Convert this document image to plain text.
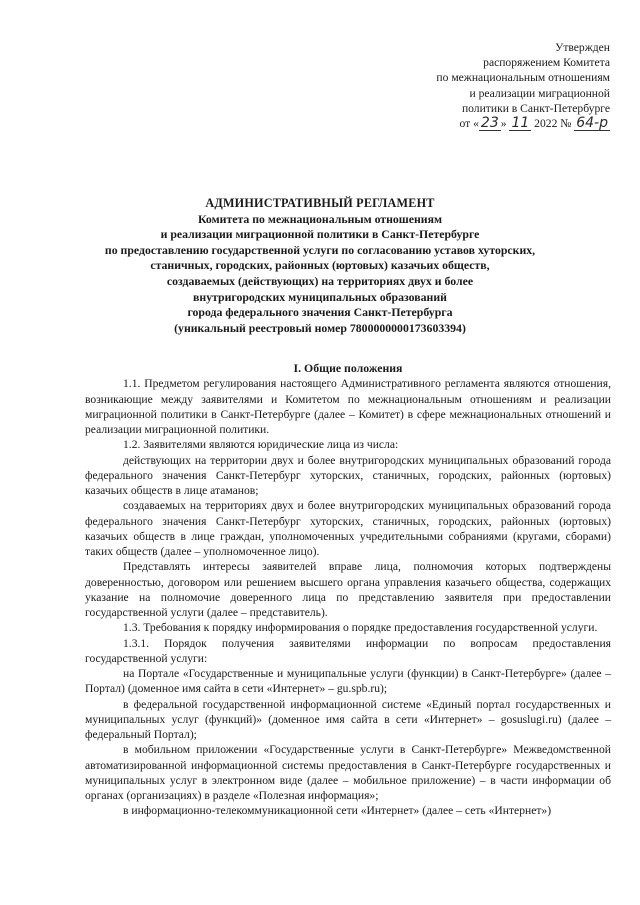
Утвержден
распоряжением Комитета
по межнациональным отношениям
и реализации миграционной
политики в Санкт-Петербурге
от « 23 » 11 2022 № 64-р
АДМИНИСТРАТИВНЫЙ РЕГЛАМЕНТ
Комитета по межнациональным отношениям
и реализации миграционной политики в Санкт-Петербурге
по предоставлению государственной услуги по согласованию уставов хуторских,
станичных, городских, районных (юртовых) казачьих обществ,
создаваемых (действующих) на территориях двух и более
внутригородских муниципальных образований
города федерального значения Санкт-Петербурга
(уникальный реестровый номер 7800000000173603394)

I. Общие положения

1.1. Предметом регулирования настоящего Административного регламента являются отношения, возникающие между заявителями и Комитетом по межнациональным отношениям и реализации миграционной политики в Санкт-Петербурге (далее – Комитет) в сфере межнациональных отношений и реализации миграционной политики.

1.2. Заявителями являются юридические лица из числа:

действующих на территории двух и более внутригородских муниципальных образований города федерального значения Санкт-Петербург хуторских, станичных, городских, районных (юртовых) казачьих обществ в лице атаманов;

создаваемых на территориях двух и более внутригородских муниципальных образований города федерального значения Санкт-Петербург хуторских, станичных, городских, районных (юртовых) казачьих обществ в лице граждан, уполномоченных учредительными собраниями (кругами, сборами) таких обществ (далее – уполномоченное лицо).

Представлять интересы заявителей вправе лица, полномочия которых подтверждены доверенностью, договором или решением высшего органа управления казачьего общества, содержащих указание на полномочие доверенного лица по представлению заявителя при предоставлении государственной услуги (далее – представитель).

1.3. Требования к порядку информирования о порядке предоставления государственной услуги.

1.3.1. Порядок получения заявителями информации по вопросам предоставления государственной услуги:

на Портале «Государственные и муниципальные услуги (функции) в Санкт-Петербурге» (далее – Портал) (доменное имя сайта в сети «Интернет» – gu.spb.ru);

в федеральной государственной информационной системе «Единый портал государственных и муниципальных услуг (функций)» (доменное имя сайта в сети «Интернет» – gosuslugi.ru) (далее – федеральный Портал);

в мобильном приложении «Государственные услуги в Санкт-Петербурге» Межведомственной автоматизированной информационной системы предоставления в Санкт-Петербурге государственных и муниципальных услуг в электронном виде (далее – мобильное приложение) – в части информации об органах (организациях) в разделе «Полезная информация»;

в информационно-телекоммуникационной сети «Интернет» (далее – сеть «Интернет»)
